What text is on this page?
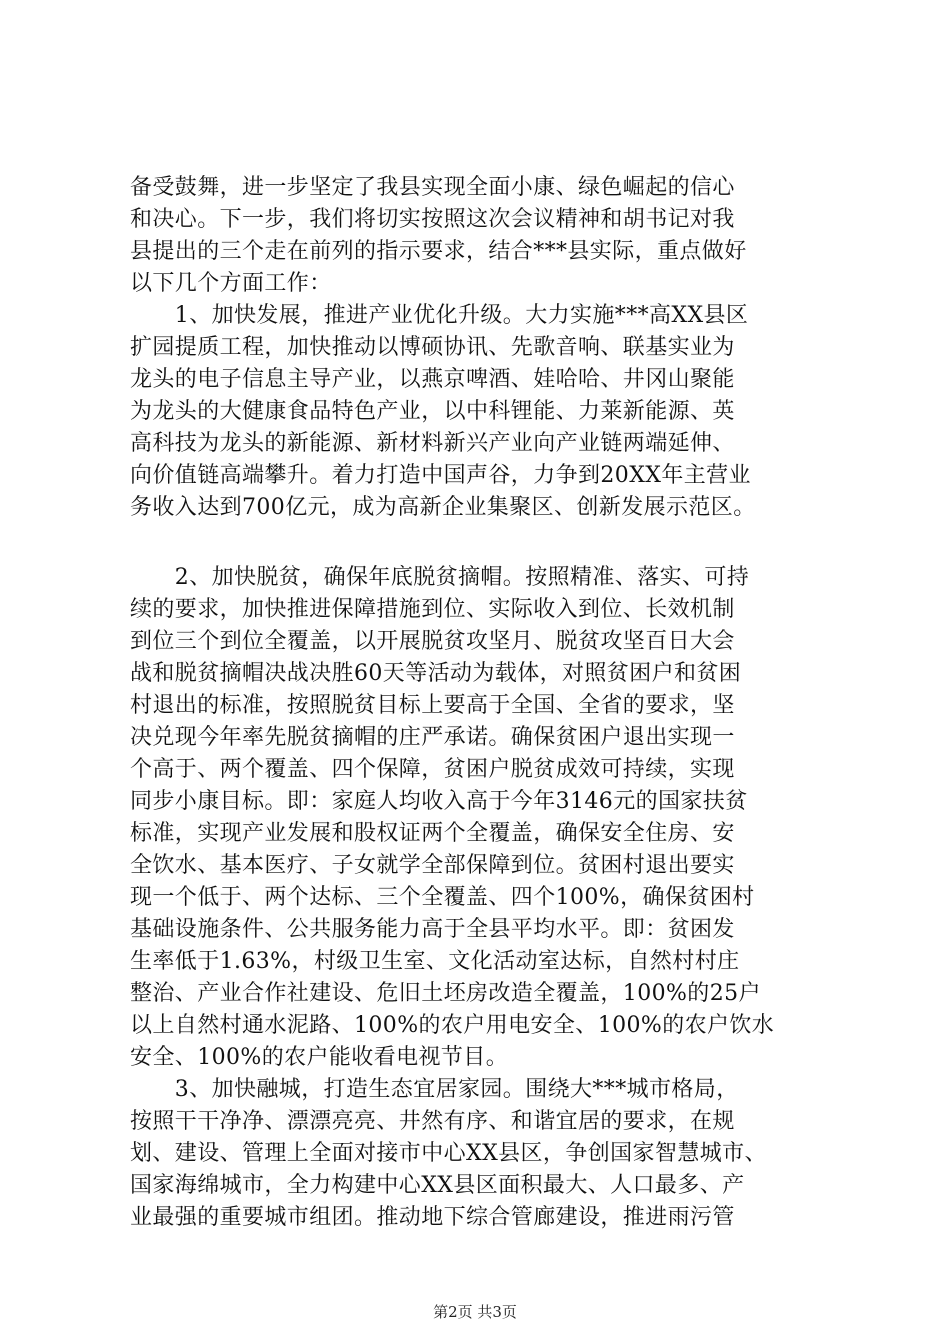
备受鼓舞，进一步坚定了我县实现全面小康、绿色崛起的信心
和决心。下一步，我们将切实按照这次会议精神和胡书记对我
县提出的三个走在前列的指示要求，结合***县实际，重点做好
以下几个方面工作：
　　1、加快发展，推进产业优化升级。大力实施***高XX县区
扩园提质工程，加快推动以博硕协讯、先歌音响、联基实业为
龙头的电子信息主导产业，以燕京啤酒、娃哈哈、井冈山聚能
为龙头的大健康食品特色产业，以中科锂能、力莱新能源、英
高科技为龙头的新能源、新材料新兴产业向产业链两端延伸、
向价值链高端攀升。着力打造中国声谷，力争到20XX年主营业
务收入达到700亿元，成为高新企业集聚区、创新发展示范区。
　　2、加快脱贫，确保年底脱贫摘帽。按照精准、落实、可持
续的要求，加快推进保障措施到位、实际收入到位、长效机制
到位三个到位全覆盖，以开展脱贫攻坚月、脱贫攻坚百日大会
战和脱贫摘帽决战决胜60天等活动为载体，对照贫困户和贫困
村退出的标准，按照脱贫目标上要高于全国、全省的要求，坚
决兑现今年率先脱贫摘帽的庄严承诺。确保贫困户退出实现一
个高于、两个覆盖、四个保障，贫困户脱贫成效可持续，实现
同步小康目标。即：家庭人均收入高于今年3146元的国家扶贫
标准，实现产业发展和股权证两个全覆盖，确保安全住房、安
全饮水、基本医疗、子女就学全部保障到位。贫困村退出要实
现一个低于、两个达标、三个全覆盖、四个100%，确保贫困村
基础设施条件、公共服务能力高于全县平均水平。即：贫困发
生率低于1.63%，村级卫生室、文化活动室达标，自然村村庄
整治、产业合作社建设、危旧土坯房改造全覆盖，100%的25户
以上自然村通水泥路、100%的农户用电安全、100%的农户饮水
安全、100%的农户能收看电视节目。
　　3、加快融城，打造生态宜居家园。围绕大***城市格局，
按照干干净净、漂漂亮亮、井然有序、和谐宜居的要求，在规
划、建设、管理上全面对接市中心XX县区，争创国家智慧城市、
国家海绵城市，全力构建中心XX县区面积最大、人口最多、产
业最强的重要城市组团。推动地下综合管廊建设，推进雨污管
第2页 共3页
